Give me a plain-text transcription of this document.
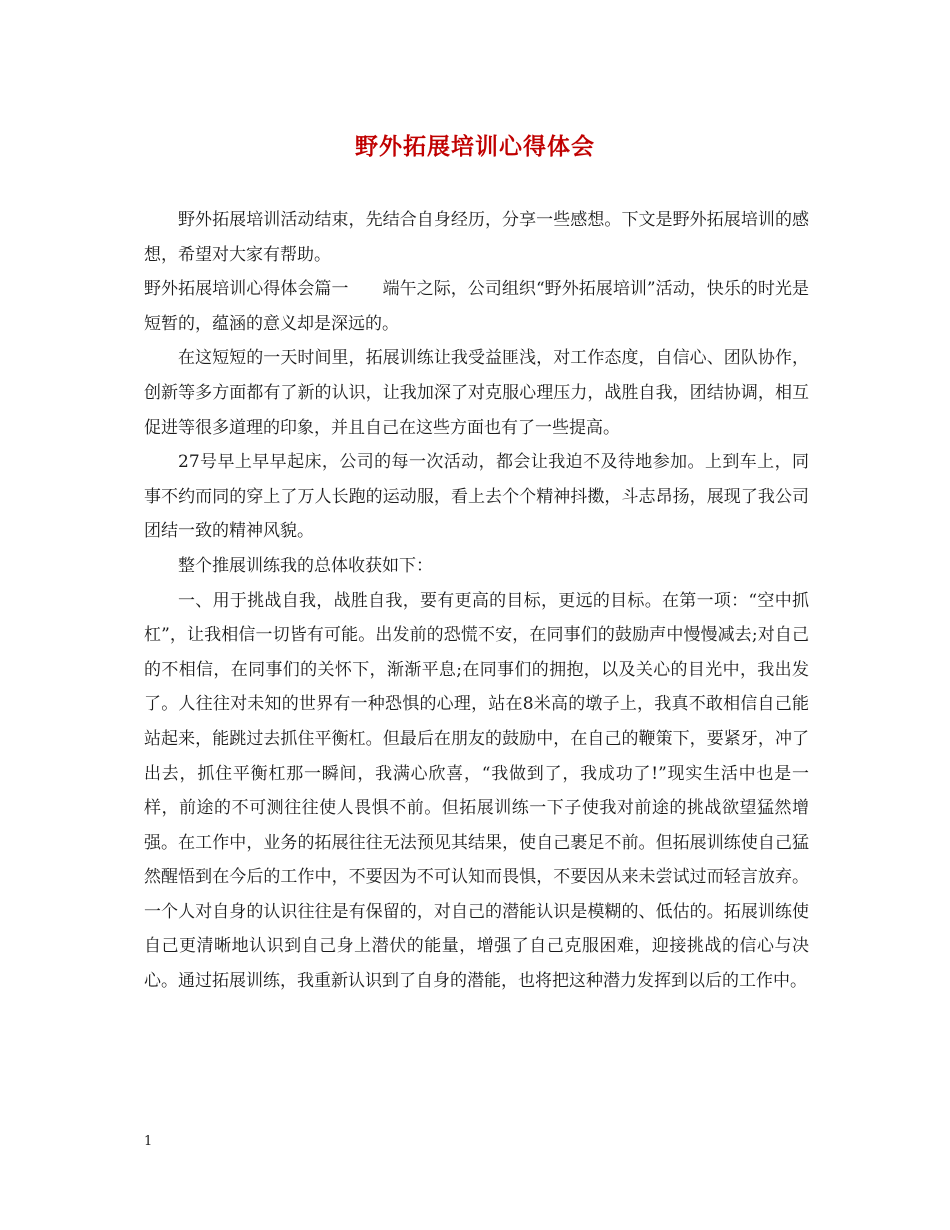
野外拓展培训心得体会

野外拓展培训活动结束，先结合自身经历，分享一些感想。下文是野外拓展培训的感想，希望对大家有帮助。

野外拓展培训心得体会篇一　　端午之际，公司组织“野外拓展培训”活动，快乐的时光是短暂的，蕴涵的意义却是深远的。

在这短短的一天时间里，拓展训练让我受益匪浅，对工作态度，自信心、团队协作，创新等多方面都有了新的认识，让我加深了对克服心理压力，战胜自我，团结协调，相互促进等很多道理的印象，并且自己在这些方面也有了一些提高。

27号早上早早起床，公司的每一次活动，都会让我迫不及待地参加。上到车上，同事不约而同的穿上了万人长跑的运动服，看上去个个精神抖擞，斗志昂扬，展现了我公司团结一致的精神风貌。

整个推展训练我的总体收获如下：

一、用于挑战自我，战胜自我，要有更高的目标，更远的目标。在第一项：“空中抓杠”，让我相信一切皆有可能。出发前的恐慌不安，在同事们的鼓励声中慢慢减去;对自己的不相信，在同事们的关怀下，渐渐平息;在同事们的拥抱，以及关心的目光中，我出发了。人往往对未知的世界有一种恐惧的心理，站在8米高的墩子上，我真不敢相信自己能站起来，能跳过去抓住平衡杠。但最后在朋友的鼓励中，在自己的鞭策下，要紧牙，冲了出去，抓住平衡杠那一瞬间，我满心欣喜，“我做到了，我成功了!”现实生活中也是一样，前途的不可测往往使人畏惧不前。但拓展训练一下子使我对前途的挑战欲望猛然增强。在工作中，业务的拓展往往无法预见其结果，使自己裹足不前。但拓展训练使自己猛然醒悟到在今后的工作中，不要因为不可认知而畏惧，不要因从来未尝试过而轻言放弃。一个人对自身的认识往往是有保留的，对自己的潜能认识是模糊的、低估的。拓展训练使自己更清晰地认识到自己身上潜伏的能量，增强了自己克服困难，迎接挑战的信心与决心。通过拓展训练，我重新认识到了自身的潜能，也将把这种潜力发挥到以后的工作中。

1
